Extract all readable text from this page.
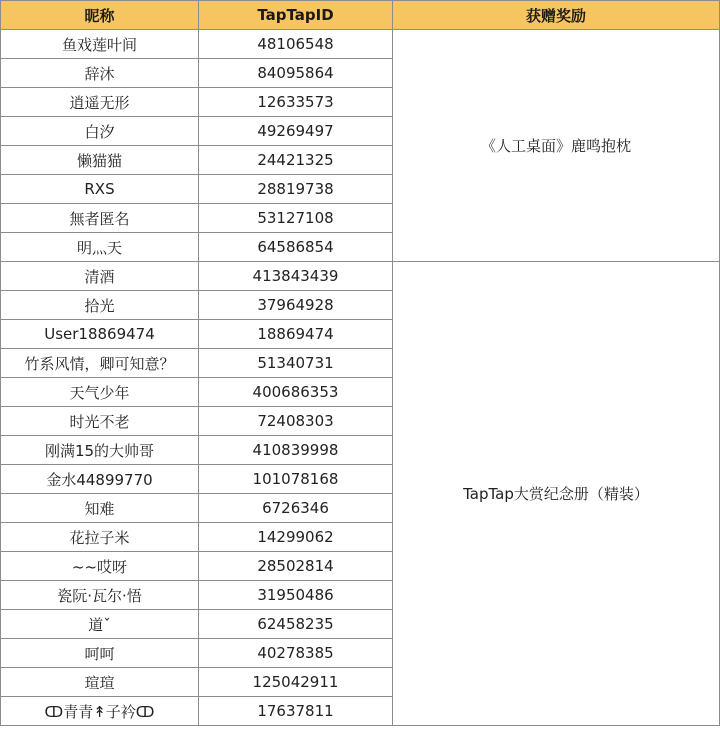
昵称	TapTapID	获赠奖励
鱼戏莲叶间	48106548	《人工桌面》鹿鸣抱枕
辞沐	84095864	
逍遥无形	12633573	
白汐	49269497	
懒猫猫	24421325	
RXS	28819738	
無者匿名	53127108	
明灬天	64586854	
清酒	413843439	TapTap大赏纪念册（精装）
拾光	37964928	
User18869474	18869474	
竹系风情，卿可知意？	51340731	
天气少年	400686353	
时光不老	72408303	
刚满15的大帅哥	410839998	
金水44899770	101078168	
知难	6726346	
花拉子米	14299062	
~~哎呀	28502814	
瓷阮·瓦尔·悟	31950486	
道ˇ	62458235	
呵呵	40278385	
瑄瑄	125042911	
ↀ青青↟子衿ↀ	17637811	
